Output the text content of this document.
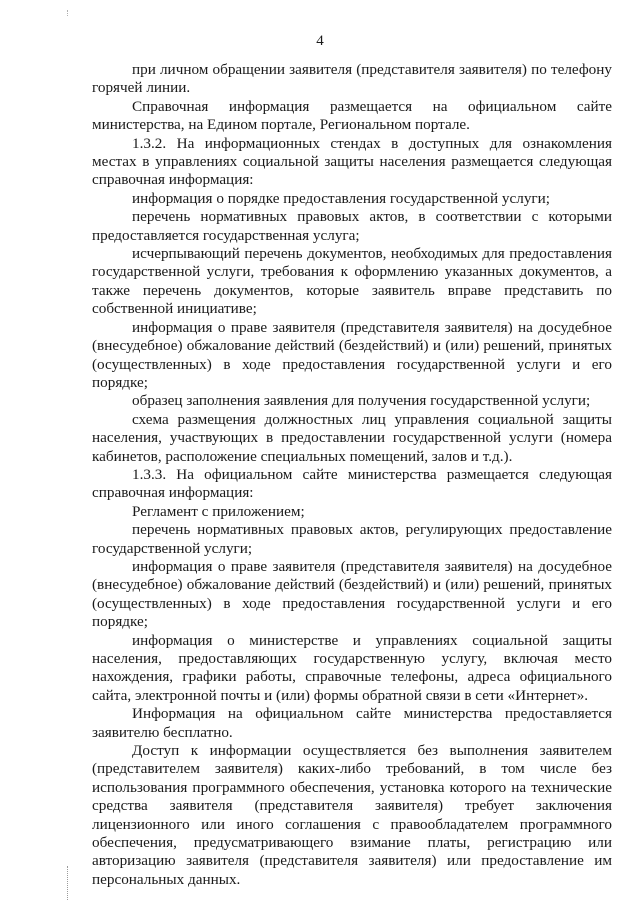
4

при личном обращении заявителя (представителя заявителя) по телефону горячей линии.

Справочная информация размещается на официальном сайте министерства, на Едином портале, Региональном портале.

1.3.2. На информационных стендах в доступных для ознакомления местах в управлениях социальной защиты населения размещается следующая справочная информация:

информация о порядке предоставления государственной услуги;

перечень нормативных правовых актов, в соответствии с которыми предоставляется государственная услуга;

исчерпывающий перечень документов, необходимых для предоставления государственной услуги, требования к оформлению указанных документов, а также перечень документов, которые заявитель вправе представить по собственной инициативе;

информация о праве заявителя (представителя заявителя) на досудебное (внесудебное) обжалование действий (бездействий) и (или) решений, принятых (осуществленных) в ходе предоставления государственной услуги и его порядке;

образец заполнения заявления для получения государственной услуги;

схема размещения должностных лиц управления социальной защиты населения, участвующих в предоставлении государственной услуги (номера кабинетов, расположение специальных помещений, залов и т.д.).

1.3.3. На официальном сайте министерства размещается следующая справочная информация:

Регламент с приложением;

перечень нормативных правовых актов, регулирующих предоставление государственной услуги;

информация о праве заявителя (представителя заявителя) на досудебное (внесудебное) обжалование действий (бездействий) и (или) решений, принятых (осуществленных) в ходе предоставления государственной услуги и его порядке;

информация о министерстве и управлениях социальной защиты населения, предоставляющих государственную услугу, включая место нахождения, графики работы, справочные телефоны, адреса официального сайта, электронной почты и (или) формы обратной связи в сети «Интернет».

Информация на официальном сайте министерства предоставляется заявителю бесплатно.

Доступ к информации осуществляется без выполнения заявителем (представителем заявителя) каких-либо требований, в том числе без использования программного обеспечения, установка которого на технические средства заявителя (представителя заявителя) требует заключения лицензионного или иного соглашения с правообладателем программного обеспечения, предусматривающего взимание платы, регистрацию или авторизацию заявителя (представителя заявителя) или предоставление им персональных данных.
